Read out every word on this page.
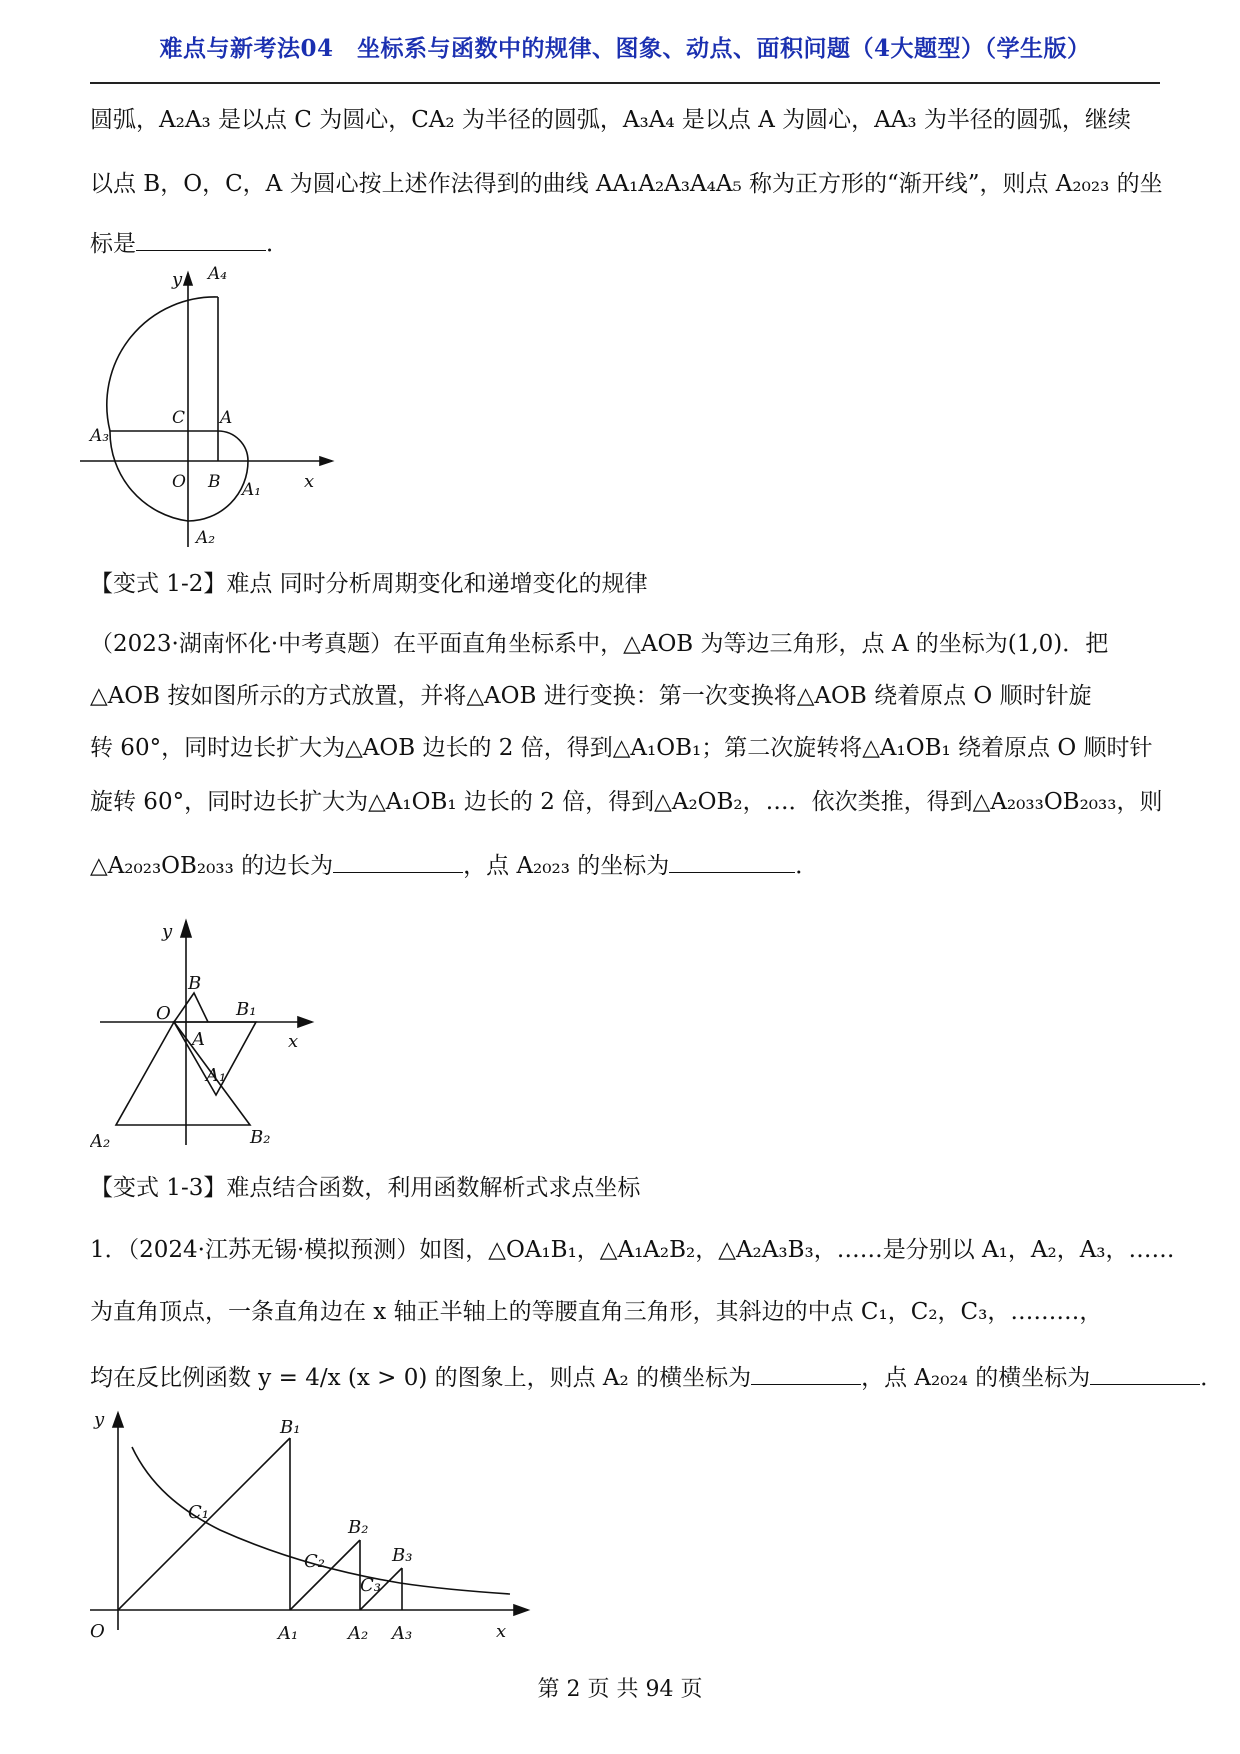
难点与新考法04　坐标系与函数中的规律、图象、动点、面积问题（4大题型）（学生版）
圆弧，A₂A₃ 是以点 C 为圆心，CA₂ 为半径的圆弧，A₃A₄ 是以点 A 为圆心，AA₃ 为半径的圆弧，继续
以点 B，O，C，A 为圆心按上述作法得到的曲线 AA₁A₂A₃A₄A₅ 称为正方形的“渐开线”，则点 A₂₀₂₃ 的坐
标是	．
y
x
A₄
C A
A₃
O B A₁
A₂
【变式 1-2】难点 同时分析周期变化和递增变化的规律
（2023·湖南怀化·中考真题）在平面直角坐标系中，△AOB 为等边三角形，点 A 的坐标为(1,0)．把
△AOB 按如图所示的方式放置，并将△AOB 进行变换：第一次变换将△AOB 绕着原点 O 顺时针旋
转 60°，同时边长扩大为△AOB 边长的 2 倍，得到△A₁OB₁；第二次旋转将△A₁OB₁ 绕着原点 O 顺时针
旋转 60°，同时边长扩大为△A₁OB₁ 边长的 2 倍，得到△A₂OB₂，…．依次类推，得到△A₂₀₃₃OB₂₀₃₃，则
△A₂₀₂₃OB₂₀₃₃ 的边长为	，点 A₂₀₂₃ 的坐标为	．
y
x
O
B
B₁
A
A₁
A₂	B₂
【变式 1-3】难点结合函数，利用函数解析式求点坐标
1．（2024·江苏无锡·模拟预测）如图，△OA₁B₁，△A₁A₂B₂，△A₂A₃B₃，……是分别以 A₁，A₂，A₃，……
为直角顶点，一条直角边在 x 轴正半轴上的等腰直角三角形，其斜边的中点 C₁，C₂，C₃，………，
均在反比例函数 y = 4/x (x > 0) 的图象上，则点 A₂ 的横坐标为	，点 A₂₀₂₄ 的横坐标为	．
y
x
O
B₁
C₁
B₂
C₂	B₃
C₃
A₁	A₂ A₃
第 2 页 共 94 页
